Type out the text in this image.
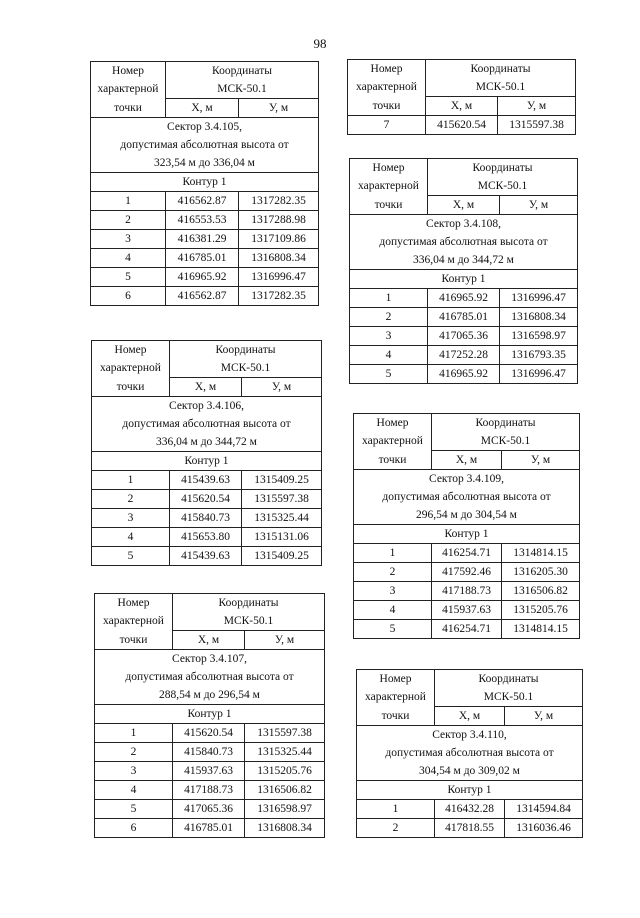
98
Номер	Координаты	
характерной	МСК-50.1	
точки	Х, м	У, м
Сектор 3.4.105,		
допустимая абсолютная высота от		
323,54 м до 336,04 м		
Контур 1		
1	416562.87	1317282.35
2	416553.53	1317288.98
3	416381.29	1317109.86
4	416785.01	1316808.34
5	416965.92	1316996.47
6	416562.87	1317282.35
Номер	Координаты	
характерной	МСК-50.1	
точки	Х, м	У, м
Сектор 3.4.106,		
допустимая абсолютная высота от		
336,04 м до 344,72 м		
Контур 1		
1	415439.63	1315409.25
2	415620.54	1315597.38
3	415840.73	1315325.44
4	415653.80	1315131.06
5	415439.63	1315409.25
Номер	Координаты	
характерной	МСК-50.1	
точки	Х, м	У, м
Сектор 3.4.107,		
допустимая абсолютная высота от		
288,54 м до 296,54 м		
Контур 1		
1	415620.54	1315597.38
2	415840.73	1315325.44
3	415937.63	1315205.76
4	417188.73	1316506.82
5	417065.36	1316598.97
6	416785.01	1316808.34
Номер	Координаты	
характерной	МСК-50.1	
точки	Х, м	У, м
7	415620.54	1315597.38
Номер	Координаты	
характерной	МСК-50.1	
точки	Х, м	У, м
Сектор 3.4.108,		
допустимая абсолютная высота от		
336,04 м до 344,72 м		
Контур 1		
1	416965.92	1316996.47
2	416785.01	1316808.34
3	417065.36	1316598.97
4	417252.28	1316793.35
5	416965.92	1316996.47
Номер	Координаты	
характерной	МСК-50.1	
точки	Х, м	У, м
Сектор 3.4.109,		
допустимая абсолютная высота от		
296,54 м до 304,54 м		
Контур 1		
1	416254.71	1314814.15
2	417592.46	1316205.30
3	417188.73	1316506.82
4	415937.63	1315205.76
5	416254.71	1314814.15
Номер	Координаты	
характерной	МСК-50.1	
точки	Х, м	У, м
Сектор 3.4.110,		
допустимая абсолютная высота от		
304,54 м до 309,02 м		
Контур 1		
1	416432.28	1314594.84
2	417818.55	1316036.46
